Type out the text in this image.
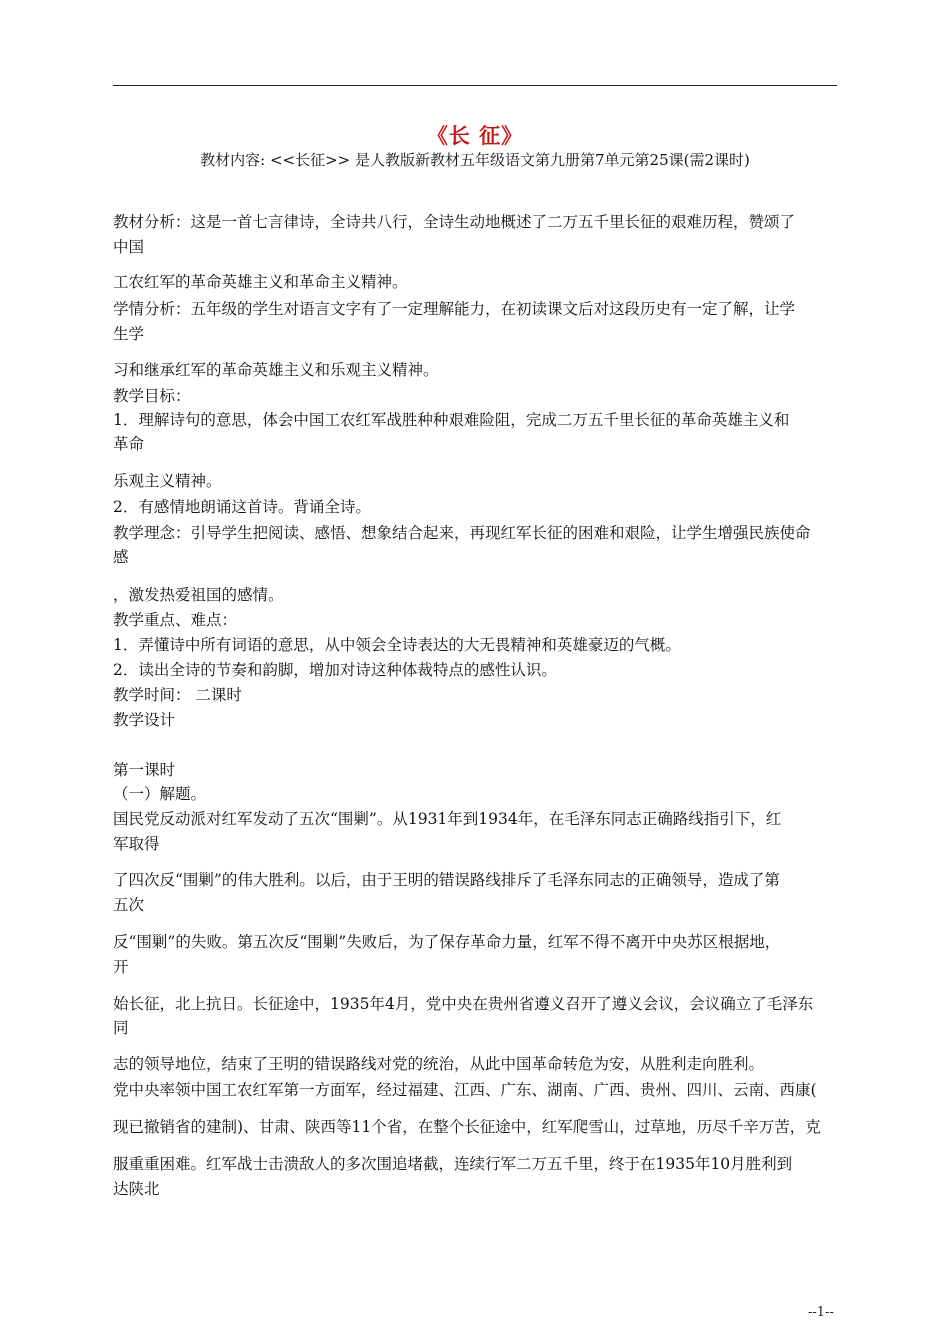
《长 征》
教材内容: <<长征>> 是人教版新教材五年级语文第九册第7单元第25课(需2课时)
教材分析：这是一首七言律诗，全诗共八行，全诗生动地概述了二万五千里长征的艰难历程，赞颂了
中国
工农红军的革命英雄主义和革命主义精神。
学情分析：五年级的学生对语言文字有了一定理解能力，在初读课文后对这段历史有一定了解，让学
生学
习和继承红军的革命英雄主义和乐观主义精神。
教学目标：
1．理解诗句的意思，体会中国工农红军战胜种种艰难险阻，完成二万五千里长征的革命英雄主义和
革命
乐观主义精神。
2．有感情地朗诵这首诗。背诵全诗。
教学理念：引导学生把阅读、感悟、想象结合起来，再现红军长征的困难和艰险，让学生增强民族使命
感
，激发热爱祖国的感情。
教学重点、难点：
1．弄懂诗中所有词语的意思，从中领会全诗表达的大无畏精神和英雄豪迈的气概。
2．读出全诗的节奏和韵脚，增加对诗这种体裁特点的感性认识。
教学时间： 二课时
教学设计
第一课时
（一）解题。
国民党反动派对红军发动了五次“围剿”。从1931年到1934年，在毛泽东同志正确路线指引下，红
军取得
了四次反“围剿”的伟大胜利。以后，由于王明的错误路线排斥了毛泽东同志的正确领导，造成了第
五次
反“围剿”的失败。第五次反“围剿”失败后，为了保存革命力量，红军不得不离开中央苏区根据地，
开
始长征，北上抗日。长征途中，1935年4月，党中央在贵州省遵义召开了遵义会议，会议确立了毛泽东
同
志的领导地位，结束了王明的错误路线对党的统治，从此中国革命转危为安，从胜利走向胜利。
党中央率领中国工农红军第一方面军，经过福建、江西、广东、湖南、广西、贵州、四川、云南、西康(
现已撤销省的建制)、甘肃、陕西等11个省，在整个长征途中，红军爬雪山，过草地，历尽千辛万苦，克
服重重困难。红军战士击溃敌人的多次围追堵截，连续行军二万五千里，终于在1935年10月胜利到
达陕北
--1--
